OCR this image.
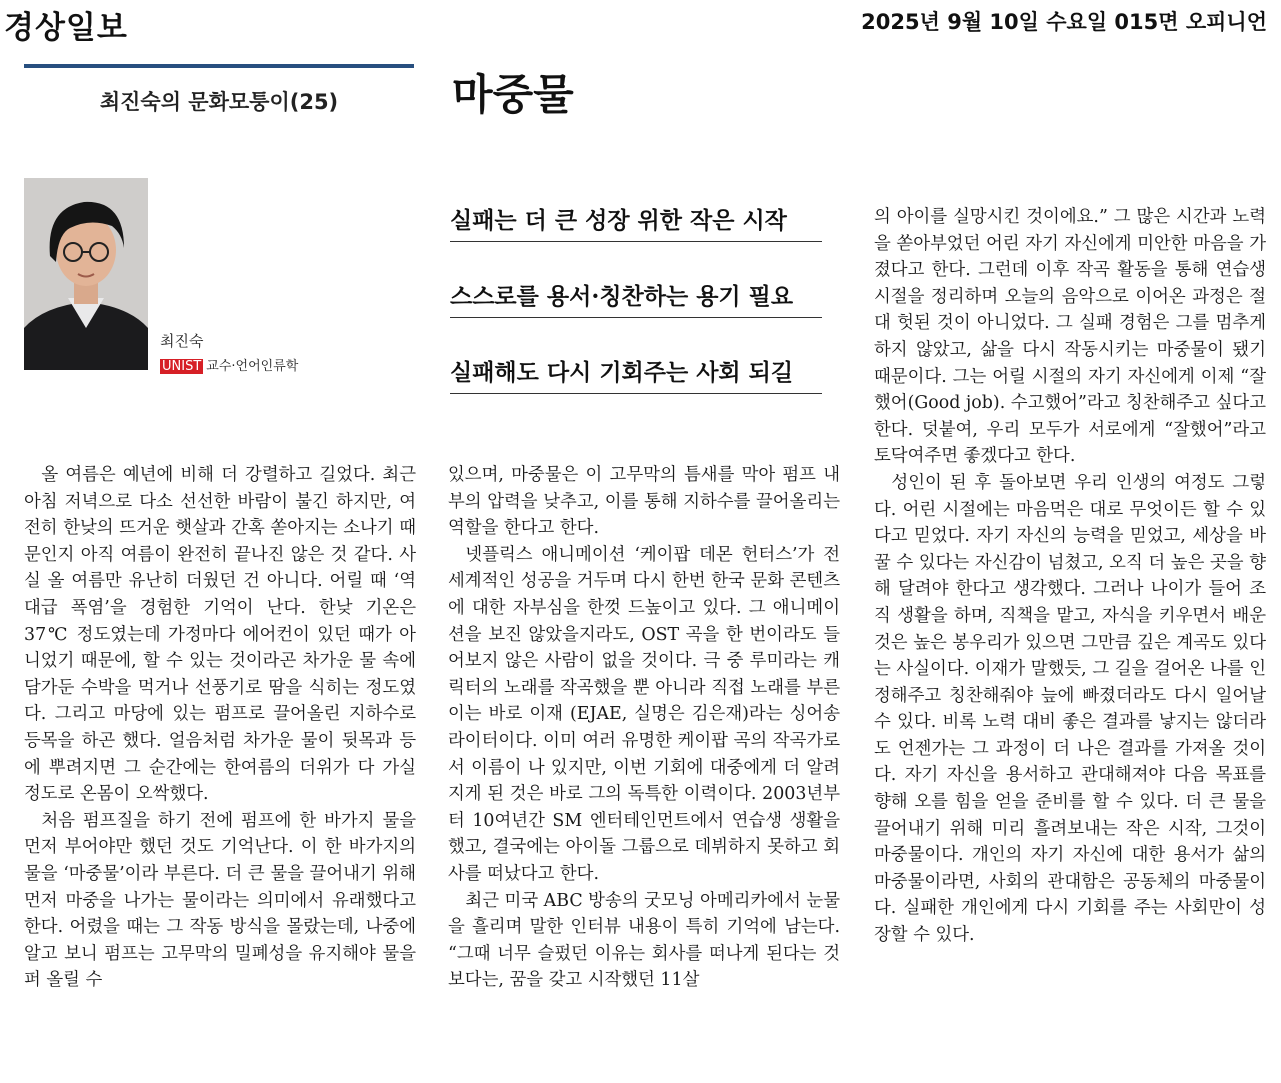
경상일보	2025년 9월 10일 수요일 015면 오피니언
최진숙의 문화모퉁이(25)	마중물
최진숙
UNIST 교수·언어인류학
실패는 더 큰 성장 위한 작은 시작
스스로를 용서·칭찬하는 용기 필요
실패해도 다시 기회주는 사회 되길

올 여름은 예년에 비해 더 강렬하고 길었다. 최근 아침 저녁으로 다소 선선한 바람이 불긴 하지만, 여전히 한낮의 뜨거운 햇살과 간혹 쏟아지는 소나기 때문인지 아직 여름이 완전히 끝나진 않은 것 같다. 사실 올 여름만 유난히 더웠던 건 아니다. 어릴 때 ‘역대급 폭염’을 경험한 기억이 난다. 한낮 기온은 37℃ 정도였는데 가정마다 에어컨이 있던 때가 아니었기 때문에, 할 수 있는 것이라곤 차가운 물 속에 담가둔 수박을 먹거나 선풍기로 땀을 식히는 정도였다. 그리고 마당에 있는 펌프로 끌어올린 지하수로 등목을 하곤 했다. 얼음처럼 차가운 물이 뒷목과 등에 뿌려지면 그 순간에는 한여름의 더위가 다 가실 정도로 온몸이 오싹했다.

처음 펌프질을 하기 전에 펌프에 한 바가지 물을 먼저 부어야만 했던 것도 기억난다. 이 한 바가지의 물을 ‘마중물’이라 부른다. 더 큰 물을 끌어내기 위해 먼저 마중을 나가는 물이라는 의미에서 유래했다고 한다. 어렸을 때는 그 작동 방식을 몰랐는데, 나중에 알고 보니 펌프는 고무막의 밀폐성을 유지해야 물을 퍼 올릴 수

있으며, 마중물은 이 고무막의 틈새를 막아 펌프 내부의 압력을 낮추고, 이를 통해 지하수를 끌어올리는 역할을 한다고 한다.

넷플릭스 애니메이션 ‘케이팝 데몬 헌터스’가 전 세계적인 성공을 거두며 다시 한번 한국 문화 콘텐츠에 대한 자부심을 한껏 드높이고 있다. 그 애니메이션을 보진 않았을지라도, OST 곡을 한 번이라도 들어보지 않은 사람이 없을 것이다. 극 중 루미라는 캐릭터의 노래를 작곡했을 뿐 아니라 직접 노래를 부른 이는 바로 이재 (EJAE, 실명은 김은재)라는 싱어송라이터이다. 이미 여러 유명한 케이팝 곡의 작곡가로서 이름이 나 있지만, 이번 기회에 대중에게 더 알려지게 된 것은 바로 그의 독특한 이력이다. 2003년부터 10여년간 SM 엔터테인먼트에서 연습생 생활을 했고, 결국에는 아이돌 그룹으로 데뷔하지 못하고 회사를 떠났다고 한다.

최근 미국 ABC 방송의 굿모닝 아메리카에서 눈물을 흘리며 말한 인터뷰 내용이 특히 기억에 남는다. “그때 너무 슬펐던 이유는 회사를 떠나게 된다는 것보다는, 꿈을 갖고 시작했던 11살

의 아이를 실망시킨 것이에요.” 그 많은 시간과 노력을 쏟아부었던 어린 자기 자신에게 미안한 마음을 가졌다고 한다. 그런데 이후 작곡 활동을 통해 연습생 시절을 정리하며 오늘의 음악으로 이어온 과정은 절대 헛된 것이 아니었다. 그 실패 경험은 그를 멈추게 하지 않았고, 삶을 다시 작동시키는 마중물이 됐기 때문이다. 그는 어릴 시절의 자기 자신에게 이제 “잘했어(Good job). 수고했어”라고 칭찬해주고 싶다고 한다. 덧붙여, 우리 모두가 서로에게 “잘했어”라고 토닥여주면 좋겠다고 한다.

성인이 된 후 돌아보면 우리 인생의 여정도 그렇다. 어린 시절에는 마음먹은 대로 무엇이든 할 수 있다고 믿었다. 자기 자신의 능력을 믿었고, 세상을 바꿀 수 있다는 자신감이 넘쳤고, 오직 더 높은 곳을 향해 달려야 한다고 생각했다. 그러나 나이가 들어 조직 생활을 하며, 직책을 맡고, 자식을 키우면서 배운 것은 높은 봉우리가 있으면 그만큼 깊은 계곡도 있다는 사실이다. 이재가 말했듯, 그 길을 걸어온 나를 인정해주고 칭찬해줘야 늪에 빠졌더라도 다시 일어날 수 있다. 비록 노력 대비 좋은 결과를 낳지는 않더라도 언젠가는 그 과정이 더 나은 결과를 가져올 것이다. 자기 자신을 용서하고 관대해져야 다음 목표를 향해 오를 힘을 얻을 준비를 할 수 있다. 더 큰 물을 끌어내기 위해 미리 흘려보내는 작은 시작, 그것이 마중물이다. 개인의 자기 자신에 대한 용서가 삶의 마중물이라면, 사회의 관대함은 공동체의 마중물이다. 실패한 개인에게 다시 기회를 주는 사회만이 성장할 수 있다.
